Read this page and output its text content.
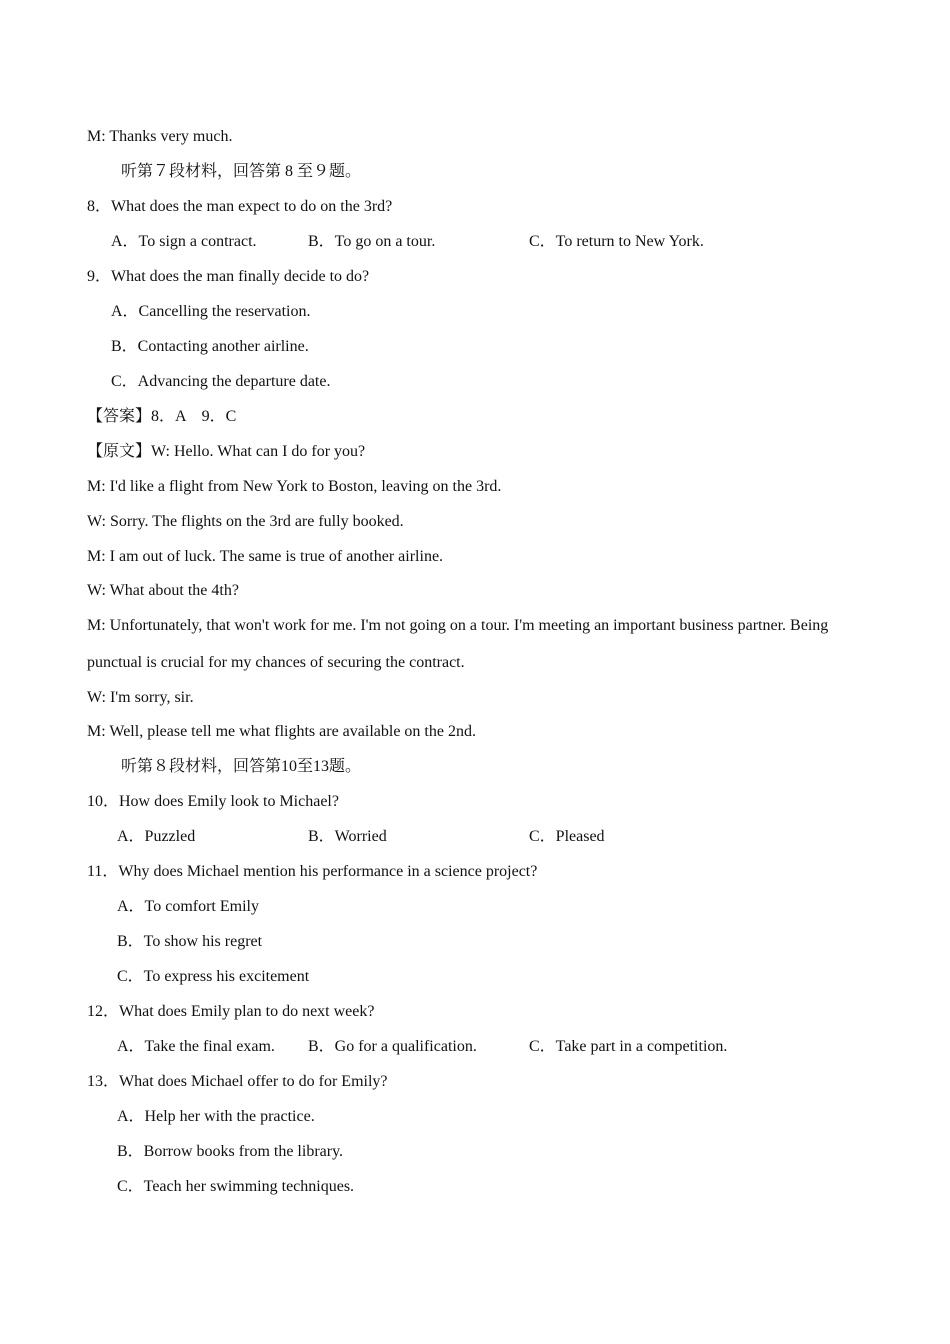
M: Thanks very much.
听第７段材料，回答第 8 至９题。
8．What does the man expect to do on the 3rd?
A．To sign a contract.	B．To go on a tour.	C．To return to New York.
9．What does the man finally decide to do?
A．Cancelling the reservation.
B．Contacting another airline.
C．Advancing the departure date.
【答案】8．A　9．C
【原文】W: Hello. What can I do for you?
M: I'd like a flight from New York to Boston, leaving on the 3rd.
W: Sorry. The flights on the 3rd are fully booked.
M: I am out of luck. The same is true of another airline.
W: What about the 4th?
M: Unfortunately, that won't work for me. I'm not going on a tour. I'm meeting an important business partner. Being
punctual is crucial for my chances of securing the contract.
W: I'm sorry, sir.
M: Well, please tell me what flights are available on the 2nd.
听第８段材料，回答第10至13题。
10．How does Emily look to Michael?
A．Puzzled	B．Worried	C．Pleased
11．Why does Michael mention his performance in a science project?
A．To comfort Emily
B．To show his regret
C．To express his excitement
12．What does Emily plan to do next week?
A．Take the final exam. B．Go for a qualification.	C．Take part in a competition.
13．What does Michael offer to do for Emily?
A．Help her with the practice.
B．Borrow books from the library.
C．Teach her swimming techniques.
